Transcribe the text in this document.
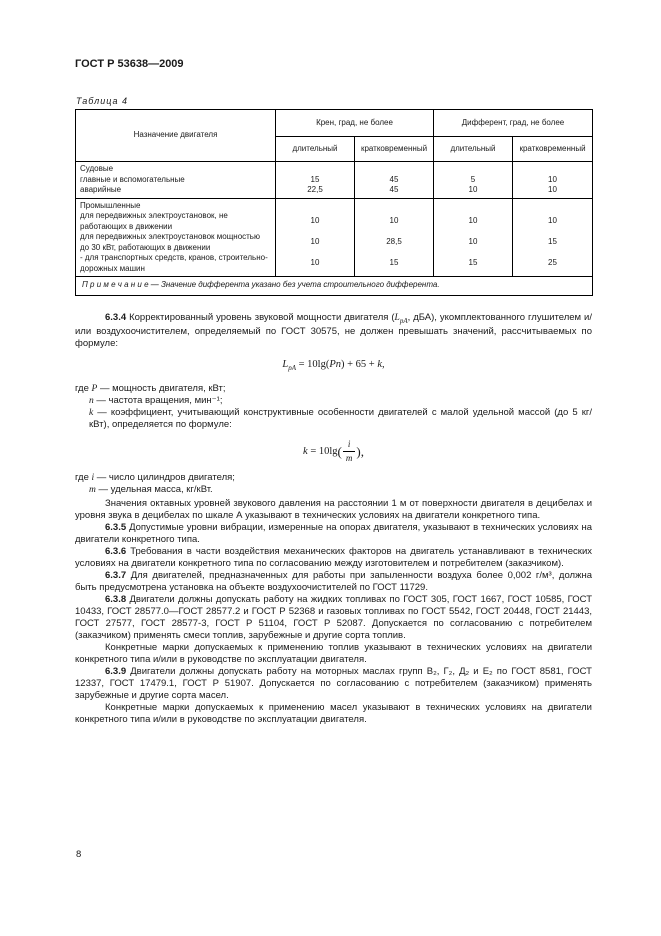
ГОСТ Р 53638—2009
Таблица 4
Назначение двигателя	Крен, град, не более		Дифферент, град, не более	
	длительный	кратковременный	длительный	кратковременный
Судовые				
главные и вспомогательные	15	45	5	10
аварийные	22,5	45	10	10
Промышленные				
для передвижных электроустановок, не работающих в движении	10	10	10	10
для передвижных электроустановок мощностью до 30 кВт, работающих в движении	10	28,5	10	15
- для транспортных средств, кранов, строительно-дорожных машин	10	15	15	25
П р и м е ч а н и е — Значение дифферента указано без учета строительного дифферента.				

6.3.4 Корректированный уровень звуковой мощности двигателя ($L_{pA}$, дБА), укомплектованного глушителем и/или воздухоочистителем, определяемый по ГОСТ 30575, не должен превышать значений, рассчитываемых по формуле:

$L_{pA} = 10\lg(Pn) + 65 + k$,
где P — мощность двигателя, кВт;
n — частота вращения, мин⁻¹;
k — коэффициент, учитывающий конструктивные особенности двигателей с малой удельной массой (до 5 кг/кВт), определяется по формуле:
$k = 10\lg( \frac{i}{m}$ ),
где i — число цилиндров двигателя;
m — удельная масса, кг/кВт.

Значения октавных уровней звукового давления на расстоянии 1 м от поверхности двигателя в децибелах и уровня звука в децибелах по шкале А указывают в технических условиях на двигатели конкретного типа.

6.3.5 Допустимые уровни вибрации, измеренные на опорах двигателя, указывают в технических условиях на двигатели конкретного типа.

6.3.6 Требования в части воздействия механических факторов на двигатель устанавливают в технических условиях на двигатели конкретного типа по согласованию между изготовителем и потребителем (заказчиком).

6.3.7 Для двигателей, предназначенных для работы при запыленности воздуха более 0,002 г/м³, должна быть предусмотрена установка на объекте воздухоочистителей по ГОСТ 11729.

6.3.8 Двигатели должны допускать работу на жидких топливах по ГОСТ 305, ГОСТ 1667, ГОСТ 10585, ГОСТ 10433, ГОСТ 28577.0—ГОСТ 28577.2 и ГОСТ Р 52368 и газовых топливах по ГОСТ 5542, ГОСТ 20448, ГОСТ 21443, ГОСТ 27577, ГОСТ 28577-3, ГОСТ Р 51104, ГОСТ Р 52087. Допускается по согласованию с потребителем (заказчиком) применять смеси топлив, зарубежные и другие сорта топлив.

Конкретные марки допускаемых к применению топлив указывают в технических условиях на двигатели конкретного типа и/или в руководстве по эксплуатации двигателя.

6.3.9 Двигатели должны допускать работу на моторных маслах групп В₂, Г₂, Д₂ и Е₂ по ГОСТ 8581, ГОСТ 12337, ГОСТ 17479.1, ГОСТ Р 51907. Допускается по согласованию с потребителем (заказчиком) применять зарубежные и другие сорта масел.

Конкретные марки допускаемых к применению масел указывают в технических условиях на двигатели конкретного типа и/или в руководстве по эксплуатации двигателя.

8
